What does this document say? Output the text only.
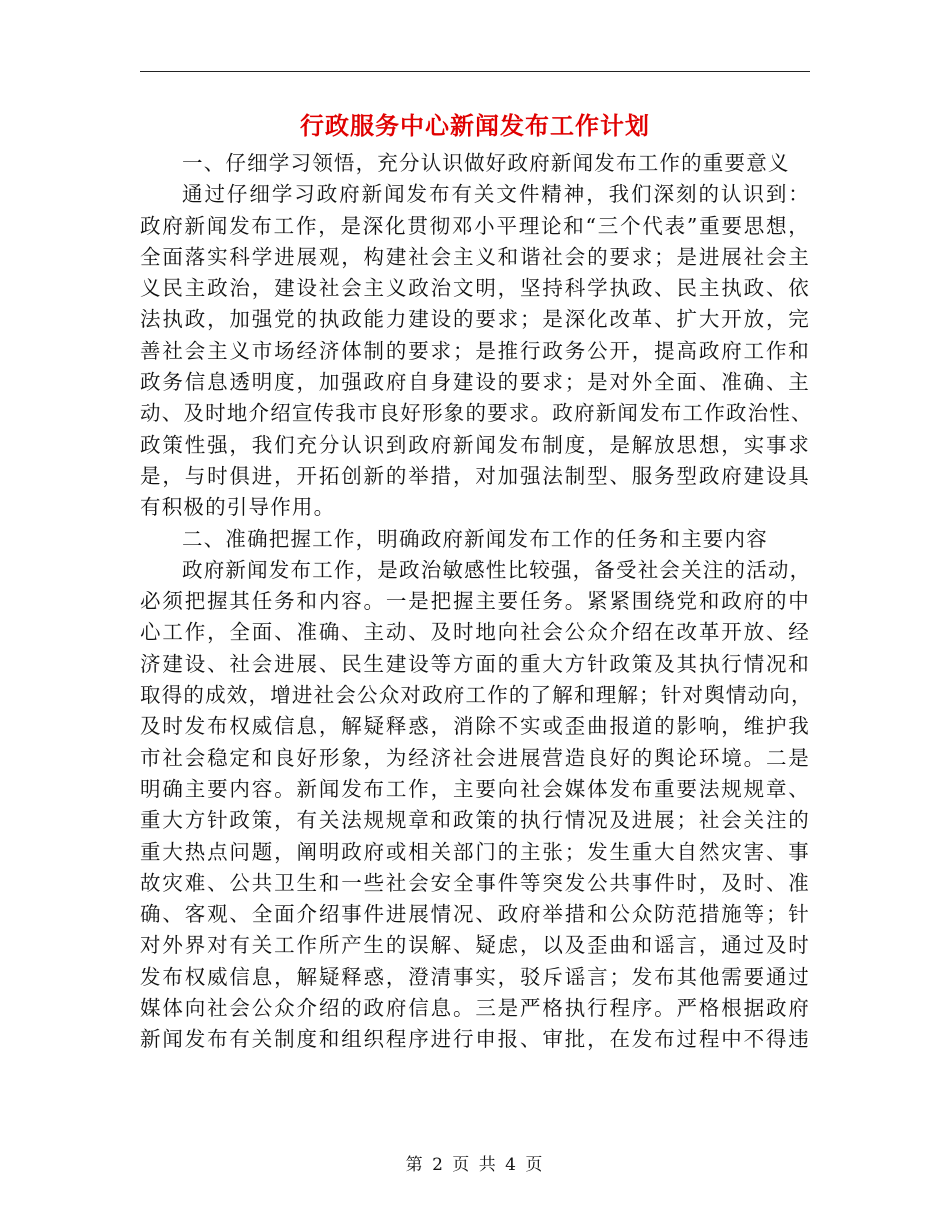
行政服务中心新闻发布工作计划
一、仔细学习领悟，充分认识做好政府新闻发布工作的重要意义
通过仔细学习政府新闻发布有关文件精神，我们深刻的认识到：
政府新闻发布工作，是深化贯彻邓小平理论和“三个代表”重要思想，
全面落实科学进展观，构建社会主义和谐社会的要求；是进展社会主
义民主政治，建设社会主义政治文明，坚持科学执政、民主执政、依
法执政，加强党的执政能力建设的要求；是深化改革、扩大开放，完
善社会主义市场经济体制的要求；是推行政务公开，提高政府工作和
政务信息透明度，加强政府自身建设的要求；是对外全面、准确、主
动、及时地介绍宣传我市良好形象的要求。政府新闻发布工作政治性、
政策性强，我们充分认识到政府新闻发布制度，是解放思想，实事求
是，与时俱进，开拓创新的举措，对加强法制型、服务型政府建设具
有积极的引导作用。
二、准确把握工作，明确政府新闻发布工作的任务和主要内容
政府新闻发布工作，是政治敏感性比较强，备受社会关注的活动，
必须把握其任务和内容。一是把握主要任务。紧紧围绕党和政府的中
心工作，全面、准确、主动、及时地向社会公众介绍在改革开放、经
济建设、社会进展、民生建设等方面的重大方针政策及其执行情况和
取得的成效，增进社会公众对政府工作的了解和理解；针对舆情动向，
及时发布权威信息，解疑释惑，消除不实或歪曲报道的影响，维护我
市社会稳定和良好形象，为经济社会进展营造良好的舆论环境。二是
明确主要内容。新闻发布工作，主要向社会媒体发布重要法规规章、
重大方针政策，有关法规规章和政策的执行情况及进展；社会关注的
重大热点问题，阐明政府或相关部门的主张；发生重大自然灾害、事
故灾难、公共卫生和一些社会安全事件等突发公共事件时，及时、准
确、客观、全面介绍事件进展情况、政府举措和公众防范措施等；针
对外界对有关工作所产生的误解、疑虑，以及歪曲和谣言，通过及时
发布权威信息，解疑释惑，澄清事实，驳斥谣言；发布其他需要通过
媒体向社会公众介绍的政府信息。三是严格执行程序。严格根据政府
新闻发布有关制度和组织程序进行申报、审批，在发布过程中不得违
第 2 页 共 4 页
